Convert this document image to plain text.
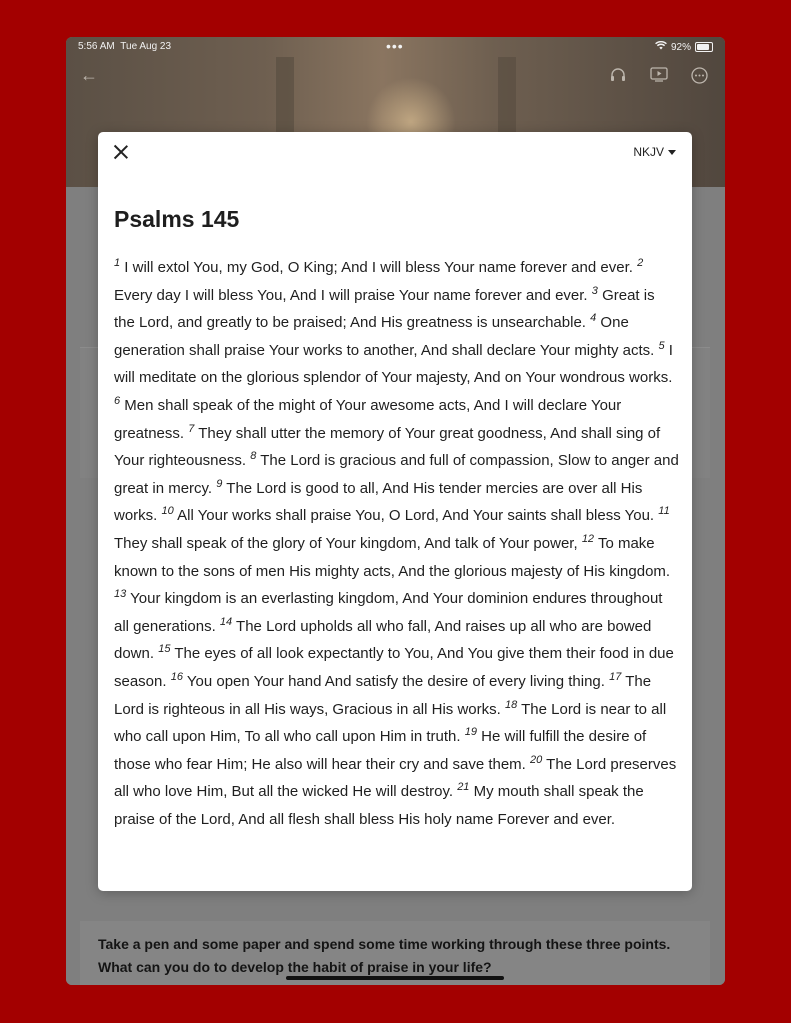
5:56 AM Tue Aug 23	•••	92%
←
Take a pen and some paper and spend some time working through these three points. What can you do to develop the habit of praise in your life?
NKJV
Psalms 145
$^1$ I will extol You, my God, O King; And I will bless Your name forever and ever. $^2$ Every day I will bless You, And I will praise Your name forever and ever. $^3$ Great is the Lord, and greatly to be praised; And His greatness is unsearchable. $^4$ One generation shall praise Your works to another, And shall declare Your mighty acts. $^5$ I will meditate on the glorious splendor of Your majesty, And on Your wondrous works. $^6$ Men shall speak of the might of Your awesome acts, And I will declare Your greatness. $^7$ They shall utter the memory of Your great goodness, And shall sing of Your righteousness. $^8$ The Lord is gracious and full of compassion, Slow to anger and great in mercy. $^9$ The Lord is good to all, And His tender mercies are over all His works. $^{10}$ All Your works shall praise You, O Lord, And Your saints shall bless You. $^{11}$ They shall speak of the glory of Your kingdom, And talk of Your power, $^{12}$ To make known to the sons of men His mighty acts, And the glorious majesty of His kingdom. $^{13}$ Your kingdom is an everlasting kingdom, And Your dominion endures throughout all generations. $^{14}$ The Lord upholds all who fall, And raises up all who are bowed down. $^{15}$ The eyes of all look expectantly to You, And You give them their food in due season. $^{16}$ You open Your hand And satisfy the desire of every living thing. $^{17}$ The Lord is righteous in all His ways, Gracious in all His works. $^{18}$ The Lord is near to all who call upon Him, To all who call upon Him in truth. $^{19}$ He will fulfill the desire of those who fear Him; He also will hear their cry and save them. $^{20}$ The Lord preserves all who love Him, But all the wicked He will destroy. $^{21}$ My mouth shall speak the praise of the Lord, And all flesh shall bless His holy name Forever and ever.
